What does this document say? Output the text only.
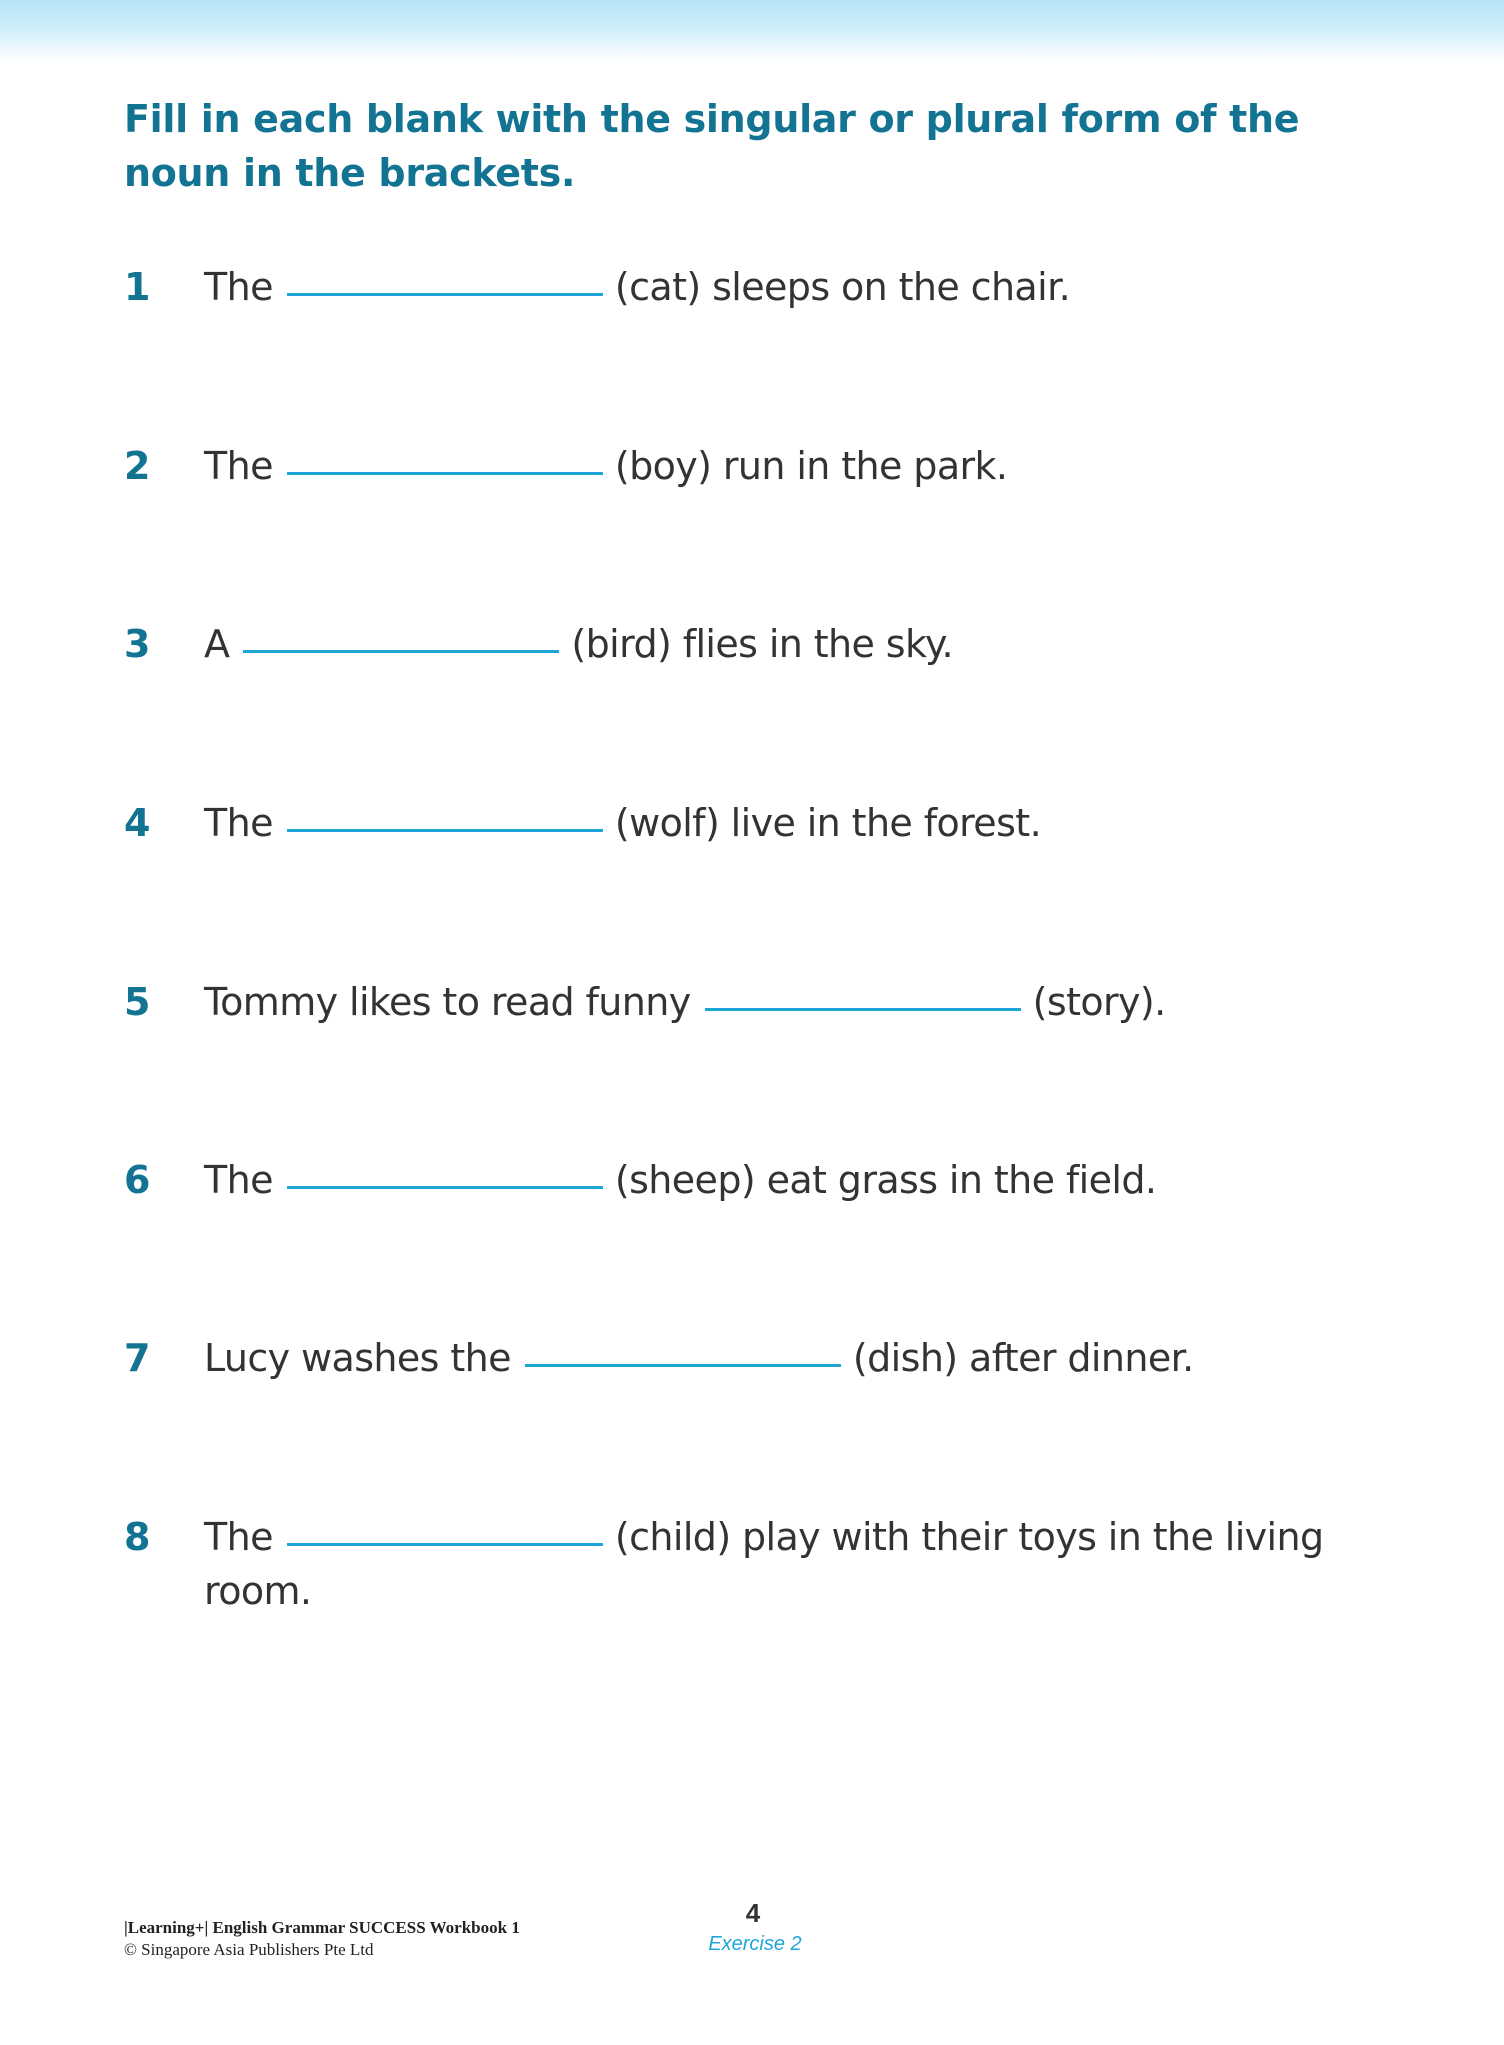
Fill in each blank with the singular or plural form of the noun in the brackets.
1	The	(cat) sleeps on the chair.
2	The	(boy) run in the park.
3	A	(bird) flies in the sky.
4	The	(wolf) live in the forest.
5	Tommy likes to read funny	(story).
6	The	(sheep) eat grass in the field.
7	Lucy washes the	(dish) after dinner.
8	The	(child) play with their toys in the living room.
|Learning+| English Grammar SUCCESS Workbook 1
© Singapore Asia Publishers Pte Ltd
4
Exercise 2
